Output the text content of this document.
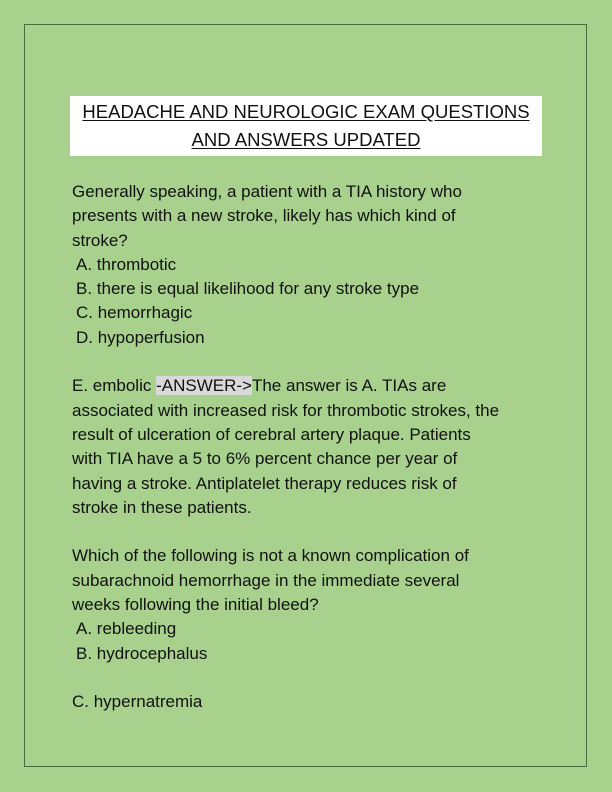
HEADACHE AND NEUROLOGIC EXAM QUESTIONS
AND ANSWERS UPDATED
Generally speaking, a patient with a TIA history who
presents with a new stroke, likely has which kind of
stroke?
A. thrombotic
B. there is equal likelihood for any stroke type
C. hemorrhagic
D. hypoperfusion
E. embolic -ANSWER->The answer is A. TIAs are
associated with increased risk for thrombotic strokes, the
result of ulceration of cerebral artery plaque. Patients
with TIA have a 5 to 6% percent chance per year of
having a stroke. Antiplatelet therapy reduces risk of
stroke in these patients.
Which of the following is not a known complication of
subarachnoid hemorrhage in the immediate several
weeks following the initial bleed?
A. rebleeding
B. hydrocephalus
C. hypernatremia
